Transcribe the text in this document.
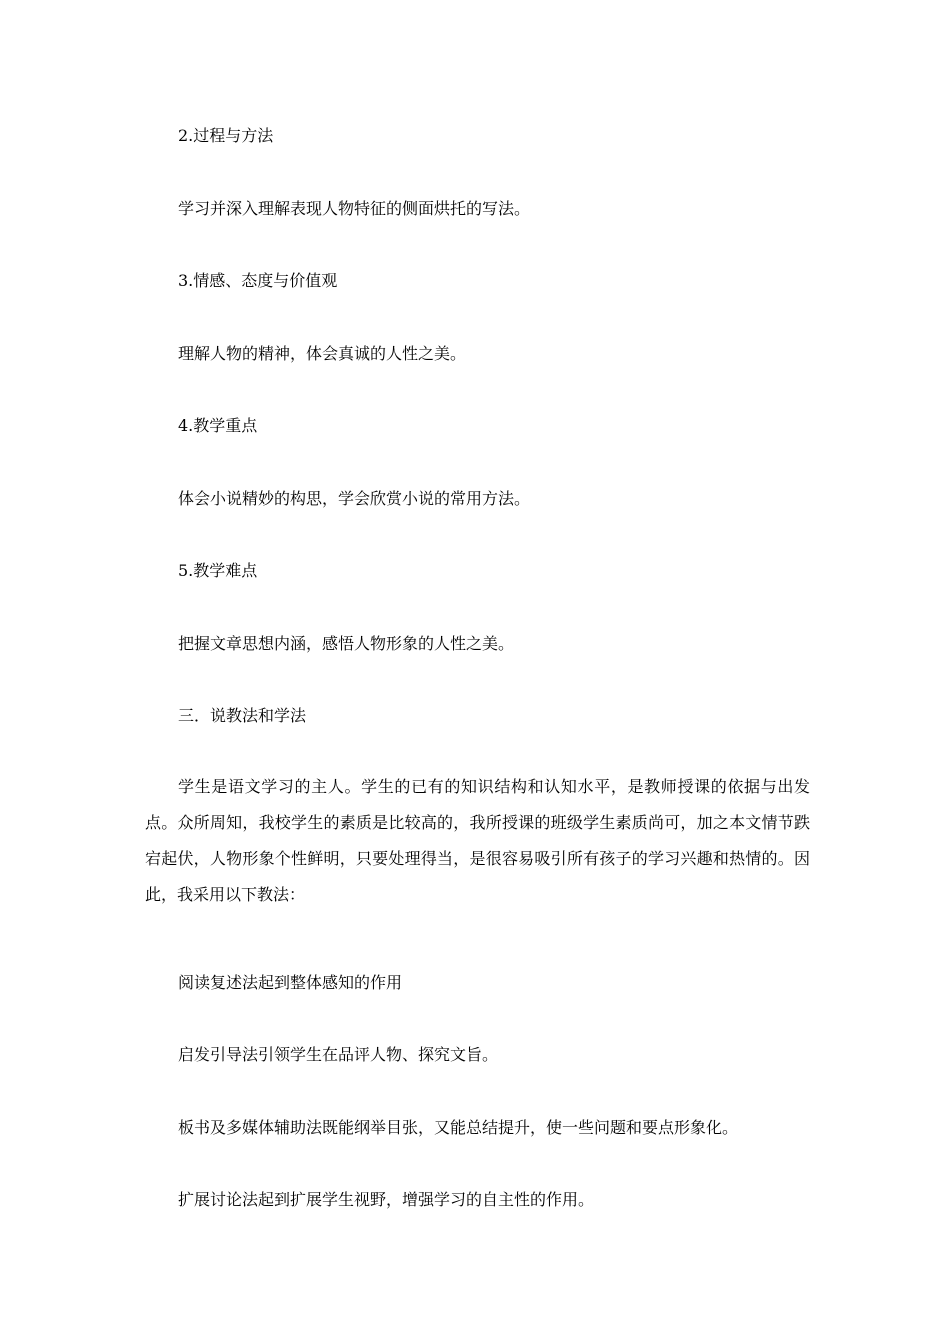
2.过程与方法

学习并深入理解表现人物特征的侧面烘托的写法。

3.情感、态度与价值观

理解人物的精神，体会真诚的人性之美。

4.教学重点

体会小说精妙的构思，学会欣赏小说的常用方法。

5.教学难点

把握文章思想内涵，感悟人物形象的人性之美。

三．说教法和学法

学生是语文学习的主人。学生的已有的知识结构和认知水平，是教师授课的依据与出发点。众所周知，我校学生的素质是比较高的，我所授课的班级学生素质尚可，加之本文情节跌宕起伏，人物形象个性鲜明，只要处理得当，是很容易吸引所有孩子的学习兴趣和热情的。因此，我采用以下教法：

阅读复述法起到整体感知的作用

启发引导法引领学生在品评人物、探究文旨。

板书及多媒体辅助法既能纲举目张，又能总结提升，使一些问题和要点形象化。

扩展讨论法起到扩展学生视野，增强学习的自主性的作用。
